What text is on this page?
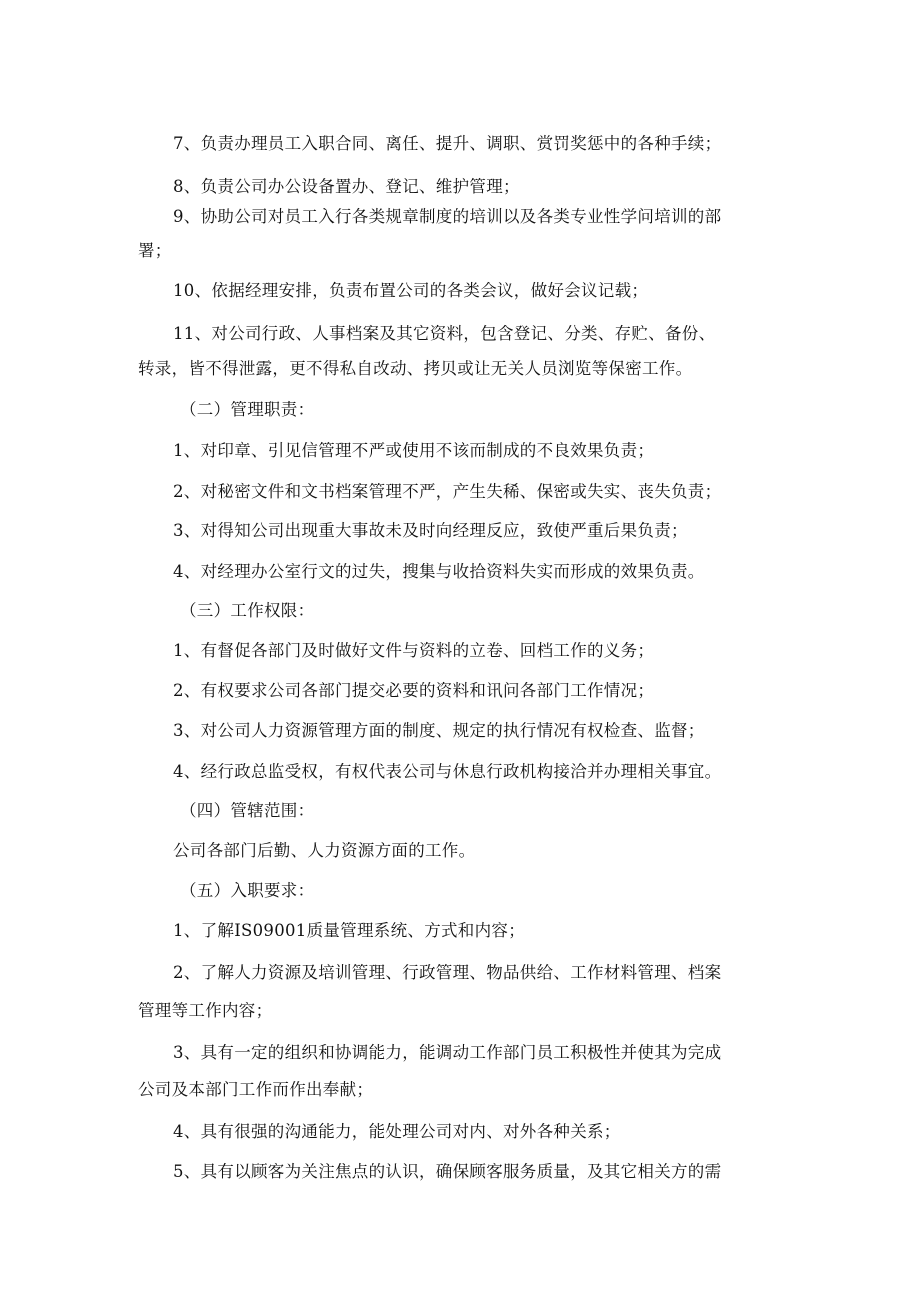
7、负责办理员工入职合同、离任、提升、调职、赏罚奖惩中的各种手续；
8、负责公司办公设备置办、登记、维护管理；
9、协助公司对员工入行各类规章制度的培训以及各类专业性学问培训的部
署；
10、依据经理安排，负责布置公司的各类会议，做好会议记载；
11、对公司行政、人事档案及其它资料，包含登记、分类、存贮、备份、
转录，皆不得泄露，更不得私自改动、拷贝或让无关人员浏览等保密工作。
（二）管理职责：
1、对印章、引见信管理不严或使用不该而制成的不良效果负责；
2、对秘密文件和文书档案管理不严，产生失稀、保密或失实、丧失负责；
3、对得知公司出现重大事故未及时向经理反应，致使严重后果负责；
4、对经理办公室行文的过失，搜集与收拾资料失实而形成的效果负责。
（三）工作权限：
1、有督促各部门及时做好文件与资料的立卷、回档工作的义务；
2、有权要求公司各部门提交必要的资料和讯问各部门工作情况；
3、对公司人力资源管理方面的制度、规定的执行情况有权检查、监督；
4、经行政总监受权，有权代表公司与休息行政机构接洽并办理相关事宜。
（四）管辖范围：
公司各部门后勤、人力资源方面的工作。
（五）入职要求：
1、了解IS09001质量管理系统、方式和内容；
2、了解人力资源及培训管理、行政管理、物品供给、工作材料管理、档案
管理等工作内容；
3、具有一定的组织和协调能力，能调动工作部门员工积极性并使其为完成
公司及本部门工作而作出奉献；
4、具有很强的沟通能力，能处理公司对内、对外各种关系；
5、具有以顾客为关注焦点的认识，确保顾客服务质量，及其它相关方的需
